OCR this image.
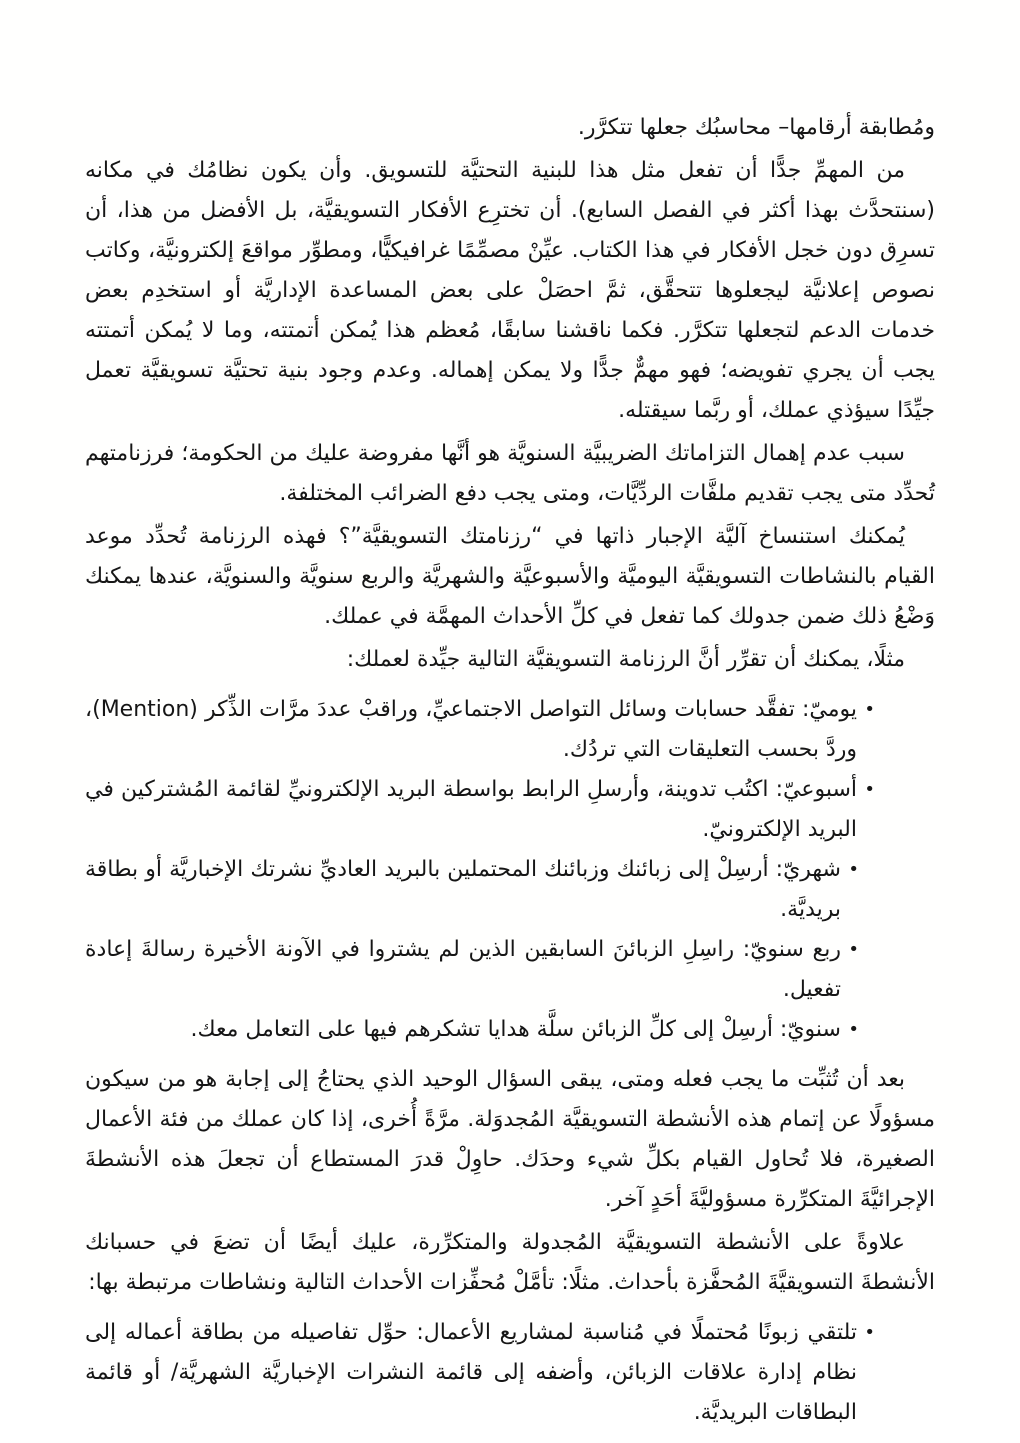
ومُطابقة أرقامها– محاسبُك جعلها تتكرَّر.

من المهمِّ جدًّا أن تفعل مثل هذا للبنية التحتيَّة للتسويق. وأن يكون نظامُك في مكانه (سنتحدَّث بهذا أكثر في الفصل السابع). أن تخترِع الأفكار التسويقيَّة، بل الأفضل من هذا، أن تسرِق دون خجل الأفكار في هذا الكتاب. عيِّنْ مصمِّمًا غرافيكيًّا، ومطوِّر مواقعَ إلكترونيَّة، وكاتب نصوص إعلانيَّة ليجعلوها تتحقَّق، ثمَّ احصَلْ على بعض المساعدة الإداريَّة أو استخدِم بعض خدمات الدعم لتجعلها تتكرَّر. فكما ناقشنا سابقًا، مُعظم هذا يُمكن أتمتته، وما لا يُمكن أتمتته يجب أن يجري تفويضه؛ فهو مهمٌّ جدًّا ولا يمكن إهماله. وعدم وجود بنية تحتيَّة تسويقيَّة تعمل جيِّدًا سيؤذي عملك، أو ربَّما سيقتله.

سبب عدم إهمال التزاماتك الضريبيَّة السنويَّة هو أنَّها مفروضة عليك من الحكومة؛ فرزنامتهم تُحدِّد متى يجب تقديم ملفَّات الردِّيَّات، ومتى يجب دفع الضرائب المختلفة.

يُمكنك استنساخ آليَّة الإجبار ذاتها في “رزنامتك التسويقيَّة”؟ فهذه الرزنامة تُحدِّد موعد القيام بالنشاطات التسويقيَّة اليوميَّة والأسبوعيَّة والشهريَّة والربع سنويَّة والسنويَّة، عندها يمكنك وَضْعُ ذلك ضمن جدولك كما تفعل في كلِّ الأحداث المهمَّة في عملك.

مثلًا، يمكنك أن تقرِّر أنَّ الرزنامة التسويقيَّة التالية جيِّدة لعملك:

•
يوميّ: تفقَّد حسابات وسائل التواصل الاجتماعيِّ، وراقبْ عددَ مرَّات الذِّكر (Mention)، وردَّ بحسب التعليقات التي تردُك.
•
أسبوعيّ: اكتُب تدوينة، وأرسلِ الرابط بواسطة البريد الإلكترونيِّ لقائمة المُشتركين في البريد الإلكترونيّ.
•
شهريّ: أرسِلْ إلى زبائنك وزبائنك المحتملين بالبريد العاديِّ نشرتك الإخباريَّة أو بطاقة بريديَّة.
•
ربع سنويّ: راسِلِ الزبائنَ السابقين الذين لم يشتروا في الآونة الأخيرة رسالةَ إعادة تفعيل.
•
سنويّ: أرسِلْ إلى كلِّ الزبائن سلَّة هدايا تشكرهم فيها على التعامل معك.

بعد أن تُثبِّت ما يجب فعله ومتى، يبقى السؤال الوحيد الذي يحتاجُ إلى إجابة هو من سيكون مسؤولًا عن إتمام هذه الأنشطة التسويقيَّة المُجدوَلة. مرَّةً أُخرى، إذا كان عملك من فئة الأعمال الصغيرة، فلا تُحاول القيام بكلِّ شيء وحدَك. حاوِلْ قدرَ المستطاع أن تجعلَ هذه الأنشطةَ الإجرائيَّةَ المتكرِّرة مسؤوليَّةَ أحَدٍ آخر.

علاوةً على الأنشطة التسويقيَّة المُجدولة والمتكرِّرة، عليك أيضًا أن تضعَ في حسبانك الأنشطةَ التسويقيَّةَ المُحفَّزة بأحداث. مثلًا: تأمَّلْ مُحفِّزات الأحداث التالية ونشاطات مرتبطة بها:

•
تلتقي زبونًا مُحتملًا في مُناسبة لمشاريع الأعمال: حوِّل تفاصيله من بطاقة أعماله إلى نظام إدارة علاقات الزبائن، وأضفه إلى قائمة النشرات الإخباريَّة الشهريَّة/ أو قائمة البطاقات البريديَّة.
